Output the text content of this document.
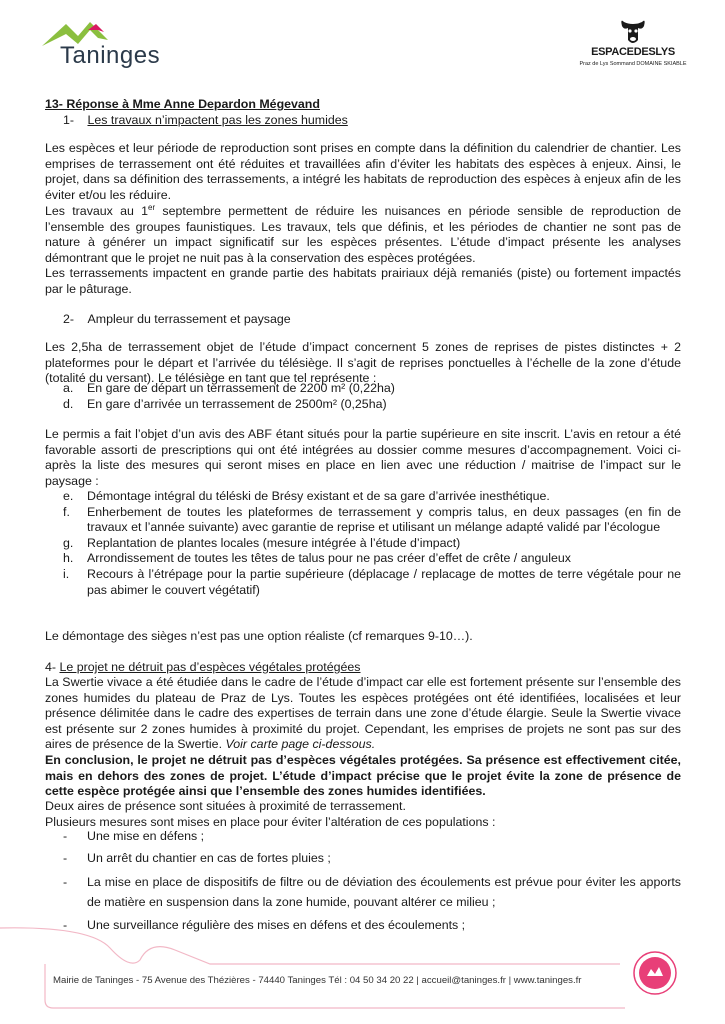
Taninges	ESPACEDESLYS
Praz de Lys Sommand DOMAINE SKIABLE

13- Réponse à Mme Anne Depardon Mégevand

1- Les travaux n’impactent pas les zones humides

Les espèces et leur période de reproduction sont prises en compte dans la définition du calendrier de chantier. Les emprises de terrassement ont été réduites et travaillées afin d’éviter les habitats des espèces à enjeux. Ainsi, le projet, dans sa définition des terrassements, a intégré les habitats de reproduction des espèces à enjeux afin de les éviter et/ou les réduire.

Les travaux au 1er septembre permettent de réduire les nuisances en période sensible de reproduction de l’ensemble des groupes faunistiques. Les travaux, tels que définis, et les périodes de chantier ne sont pas de nature à générer un impact significatif sur les espèces présentes. L’étude d’impact présente les analyses démontrant que le projet ne nuit pas à la conservation des espèces protégées.

Les terrassements impactent en grande partie des habitats prairiaux déjà remaniés (piste) ou fortement impactés par le pâturage.

2- Ampleur du terrassement et paysage

Les 2,5ha de terrassement objet de l’étude d’impact concernent 5 zones de reprises de pistes distinctes + 2 plateformes pour le départ et l’arrivée du télésiège. Il s’agit de reprises ponctuelles à l’échelle de la zone d’étude (totalité du versant). Le télésiège en tant que tel représente :

a.	En gare de départ un terrassement de 2200 m² (0,22ha)
d.	En gare d’arrivée un terrassement de 2500m² (0,25ha)

Le permis a fait l’objet d’un avis des ABF étant situés pour la partie supérieure en site inscrit. L’avis en retour a été favorable assorti de prescriptions qui ont été intégrées au dossier comme mesures d’accompagnement. Voici ci-après la liste des mesures qui seront mises en place en lien avec une réduction / maitrise de l’impact sur le paysage :

e.	Démontage intégral du téléski de Brésy existant et de sa gare d’arrivée inesthétique.
f.	Enherbement de toutes les plateformes de terrassement y compris talus, en deux passages (en fin de travaux et l’année suivante) avec garantie de reprise et utilisant un mélange adapté validé par l’écologue
g.	Replantation de plantes locales (mesure intégrée à l’étude d’impact)
h.	Arrondissement de toutes les têtes de talus pour ne pas créer d’effet de crête / anguleux
i.	Recours à l’étrépage pour la partie supérieure (déplacage / replacage de mottes de terre végétale pour ne pas abimer le couvert végétatif)

Le démontage des sièges n’est pas une option réaliste (cf remarques 9-10…).

4- Le projet ne détruit pas d’espèces végétales protégées

La Swertie vivace a été étudiée dans le cadre de l’étude d’impact car elle est fortement présente sur l’ensemble des zones humides du plateau de Praz de Lys. Toutes les espèces protégées ont été identifiées, localisées et leur présence délimitée dans le cadre des expertises de terrain dans une zone d’étude élargie. Seule la Swertie vivace est présente sur 2 zones humides à proximité du projet. Cependant, les emprises de projets ne sont pas sur des aires de présence de la Swertie. Voir carte page ci-dessous.

En conclusion, le projet ne détruit pas d’espèces végétales protégées. Sa présence est effectivement citée, mais en dehors des zones de projet. L’étude d’impact précise que le projet évite la zone de présence de cette espèce protégée ainsi que l’ensemble des zones humides identifiées.

Deux aires de présence sont situées à proximité de terrassement.

Plusieurs mesures sont mises en place pour éviter l’altération de ces populations :

-	Une mise en défens ;
-	Un arrêt du chantier en cas de fortes pluies ;
-	La mise en place de dispositifs de filtre ou de déviation des écoulements est prévue pour éviter les apports de matière en suspension dans la zone humide, pouvant altérer ce milieu ;
-	Une surveillance régulière des mises en défens et des écoulements ;
Mairie de Taninges - 75 Avenue des Thézières - 74440 Taninges Tél : 04 50 34 20 22 | accueil@taninges.fr | www.taninges.fr
